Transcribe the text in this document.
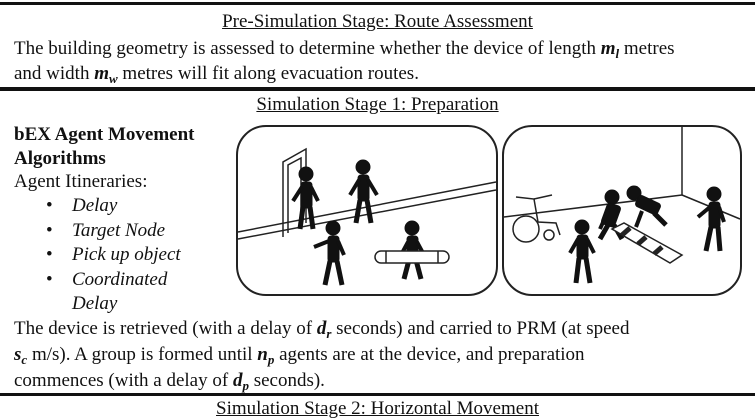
Pre-Simulation Stage: Route Assessment
The building geometry is assessed to determine whether the device of length $m_l$ metres
and width $m_w$ metres will fit along evacuation routes.
Simulation Stage 1: Preparation
bEX Agent Movement
Algorithms
Agent Itineraries:
• Delay
• Target Node
• Pick up object
• Coordinated
Delay
The device is retrieved (with a delay of $d_r$ seconds) and carried to PRM (at speed
$s_c$ m/s). A group is formed until $n_p$ agents are at the device, and preparation
commences (with a delay of $d_p$ seconds).
Simulation Stage 2: Horizontal Movement
